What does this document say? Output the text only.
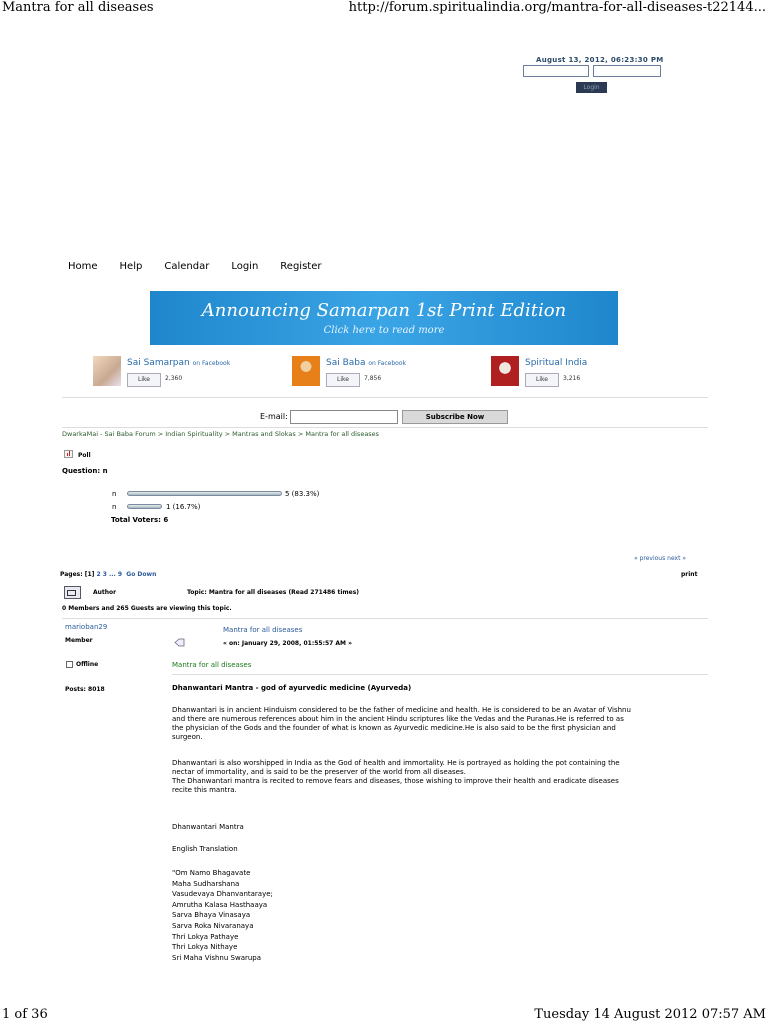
Mantra for all diseases	http://forum.spiritualindia.org/mantra-for-all-diseases-t22144...
1 of 36	Tuesday 14 August 2012 07:57 AM
August 13, 2012, 06:23:30 PM
Login
Home Help Calendar Login Register
Announcing Samarpan 1st Print Edition
Click here to read more
Sai Samarpan on Facebook
Like	2,360
Sai Baba on Facebook
Like	7,856
Spiritual India
Like	3,216
E-mail:	Subscribe Now
DwarkaMai - Sai Baba Forum > Indian Spirituality > Mantras and Slokas > Mantra for all diseases
Poll
Question: n
n	5 (83.3%)
n	1 (16.7%)
Total Voters: 6
« previous next »
Pages: [1] 2 3 ... 9 Go Down	print
Author	Topic: Mantra for all diseases (Read 271486 times)
0 Members and 265 Guests are viewing this topic.
marioban29
Member
Mantra for all diseases
« on: January 29, 2008, 01:55:57 AM »
Offline	Mantra for all diseases
Posts: 8018	Dhanwantari Mantra - god of ayurvedic medicine (Ayurveda)
Dhanwantari is in ancient Hinduism considered to be the father of medicine and health. He is considered to be an Avatar of Vishnu
and there are numerous references about him in the ancient Hindu scriptures like the Vedas and the Puranas.He is referred to as
the physician of the Gods and the founder of what is known as Ayurvedic medicine.He is also said to be the first physician and
surgeon.
Dhanwantari is also worshipped in India as the God of health and immortality. He is portrayed as holding the pot containing the
nectar of immortality, and is said to be the preserver of the world from all diseases.
The Dhanwantari mantra is recited to remove fears and diseases, those wishing to improve their health and eradicate diseases
recite this mantra.
Dhanwantari Mantra
English Translation
"Om Namo Bhagavate
Maha Sudharshana
Vasudevaya Dhanvantaraye;
Amrutha Kalasa Hasthaaya
Sarva Bhaya Vinasaya
Sarva Roka Nivaranaya
Thri Lokya Pathaye
Thri Lokya Nithaye
Sri Maha Vishnu Swarupa
